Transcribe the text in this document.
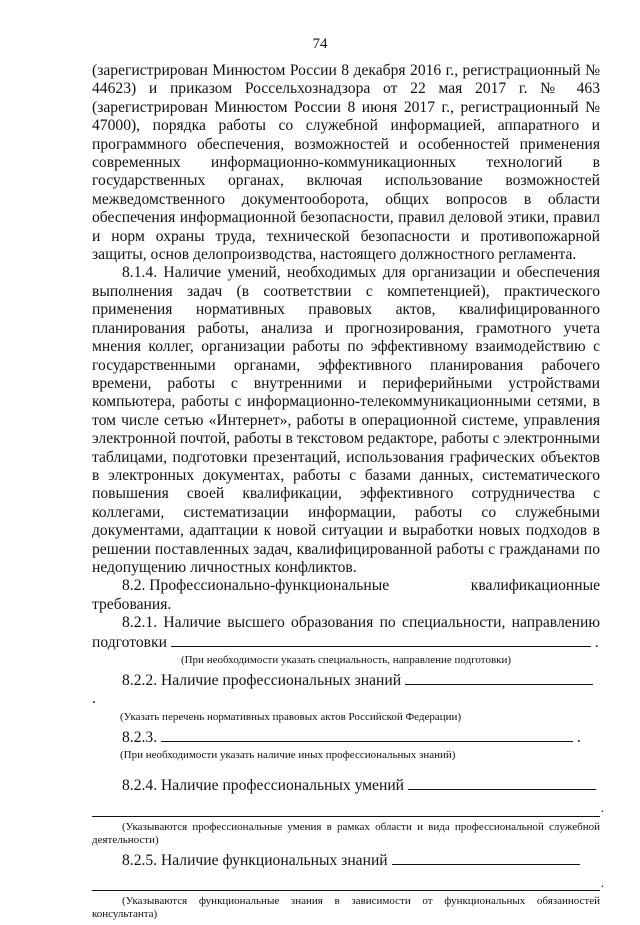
74

(зарегистрирован Минюстом России 8 декабря 2016 г., регистрационный № 44623) и приказом Россельхознадзора от 22 мая 2017 г. № 463 (зарегистрирован Минюстом России 8 июня 2017 г., регистрационный № 47000), порядка работы со служебной информацией, аппаратного и программного обеспечения, возможностей и особенностей применения современных информационно-коммуникационных технологий в государственных органах, включая использование возможностей межведомственного документооборота, общих вопросов в области обеспечения информационной безопасности, правил деловой этики, правил и норм охраны труда, технической безопасности и противопожарной защиты, основ делопроизводства, настоящего должностного регламента.

8.1.4. Наличие умений, необходимых для организации и обеспечения выполнения задач (в соответствии с компетенцией), практического применения нормативных правовых актов, квалифицированного планирования работы, анализа и прогнозирования, грамотного учета мнения коллег, организации работы по эффективному взаимодействию с государственными органами, эффективного планирования рабочего времени, работы с внутренними и периферийными устройствами компьютера, работы с информационно-телекоммуникационными сетями, в том числе сетью «Интернет», работы в операционной системе, управления электронной почтой, работы в текстовом редакторе, работы с электронными таблицами, подготовки презентаций, использования графических объектов в электронных документах, работы с базами данных, систематического повышения своей квалификации, эффективного сотрудничества с коллегами, систематизации информации, работы со служебными документами, адаптации к новой ситуации и выработки новых подходов в решении поставленных задач, квалифицированной работы с гражданами по недопущению личностных конфликтов.

8.2. Профессионально-функциональные	квалификационные

требования.

8.2.1. Наличие высшего образования по специальности, направлению подготовки	.

(При необходимости указать специальность, направление подготовки)

8.2.2. Наличие профессиональных знаний  .

(Указать перечень нормативных правовых актов Российской Федерации)

8.2.3.	.

(При необходимости указать наличие иных профессиональных знаний)

8.2.4. Наличие профессиональных умений

.

(Указываются профессиональные умения в рамках области и вида профессиональной служебной деятельности)

8.2.5. Наличие функциональных знаний

.

(Указываются функциональные знания в зависимости от функциональных обязанностей консультанта)
